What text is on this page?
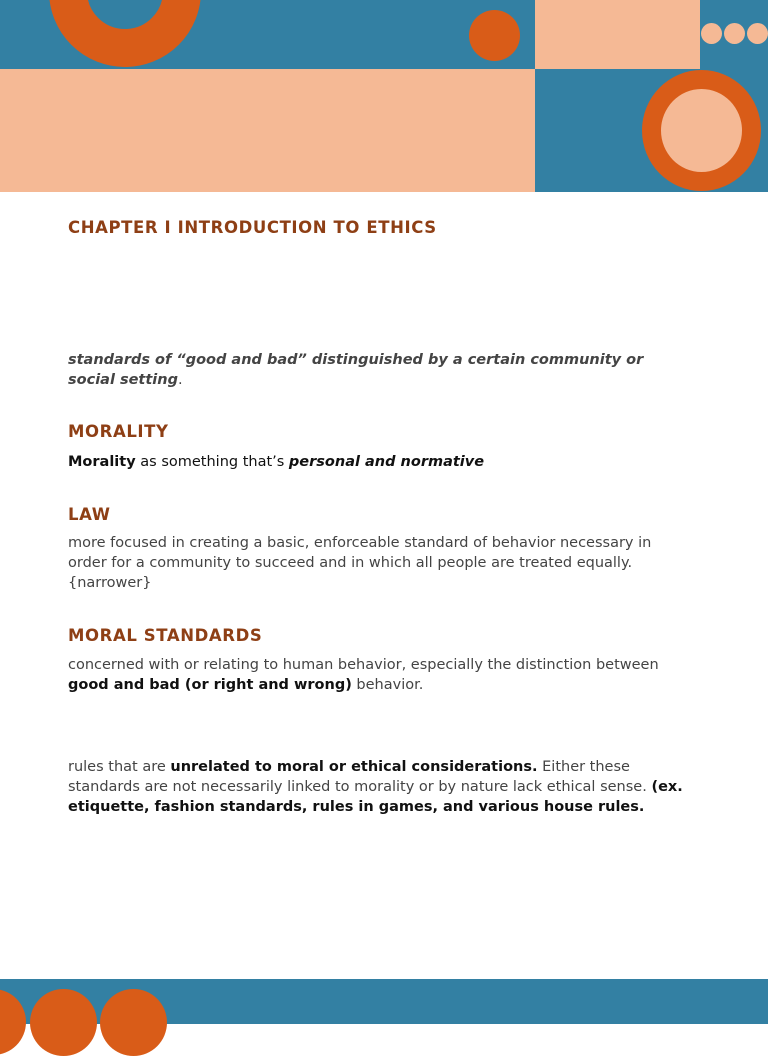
CHAPTER I INTRODUCTION TO ETHICS

standards of “good and bad” distinguished by a certain community or social setting.

MORALITY

Morality as something that’s personal and normative

LAW

more focused in creating a basic, enforceable standard of behavior necessary in order for a community to succeed and in which all people are treated equally. {narrower}

MORAL STANDARDS

concerned with or relating to human behavior, especially the distinction between good and bad (or right and wrong) behavior.

rules that are unrelated to moral or ethical considerations. Either these standards are not necessarily linked to morality or by nature lack ethical sense. (ex. etiquette, fashion standards, rules in games, and various house rules.
